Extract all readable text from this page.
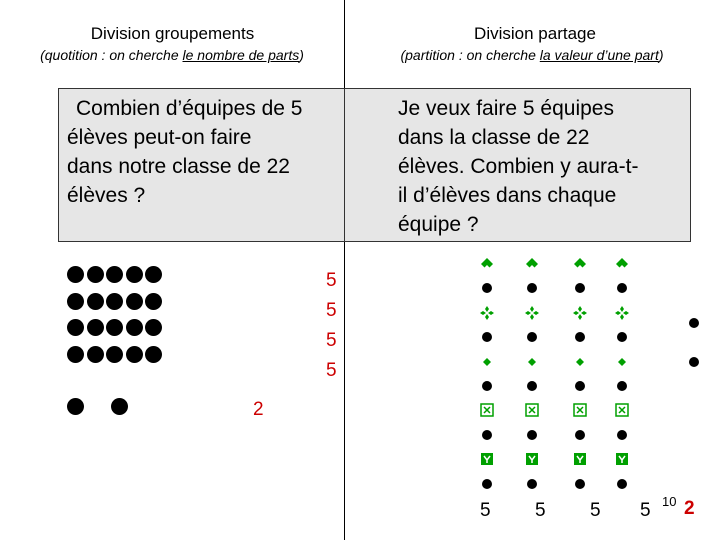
Division groupements
(quotition : on cherche le nombre de parts)
Combien d’équipes de 5
élèves peut-on faire
dans notre classe de 22
élèves ?
5
5
5
5
2
Division partage
(partition : on cherche la valeur d’une part)
Je veux faire 5 équipes
dans la classe de 22
élèves. Combien y aura-t-
il d’élèves dans chaque
équipe ?
5 5 5 5 10 2
